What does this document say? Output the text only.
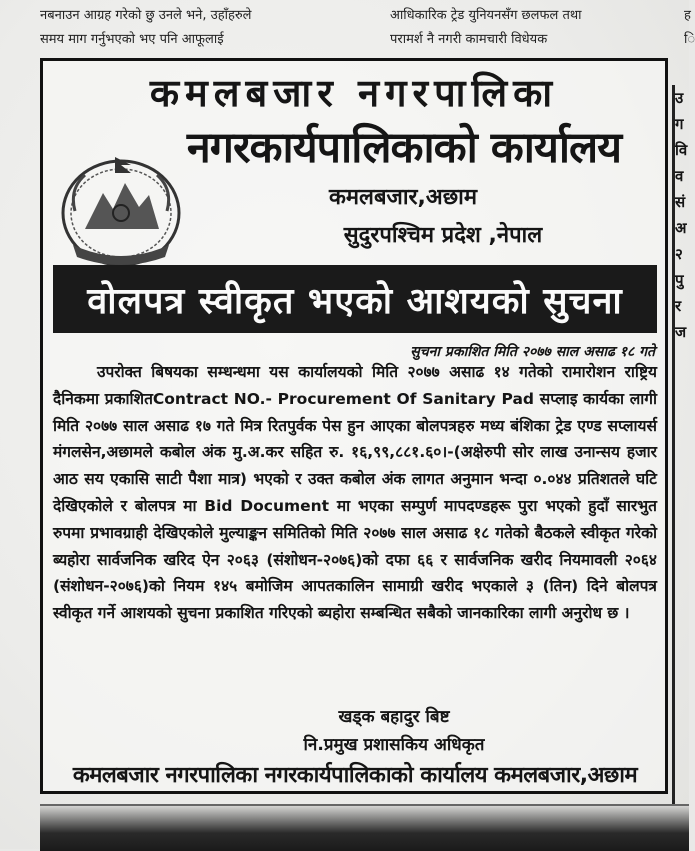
नबनाउन आग्रह गरेको छु उनले भने, उहाँहरुले
समय माग गर्नुभएको भए पनि आफूलाई
आधिकारिक ट्रेड युनियनसँग छलफल तथा
परामर्श नै नगरी कामचारी विधेयक
ह
ि
उ
ग
वि
व
सं
अ
२
पु
र
ज
कमलबजार नगरपालिका
नगरकार्यपालिकाको कार्यालय
कमलबजार,अछाम
सुदुरपश्चिम प्रदेश ,नेपाल
वोलपत्र स्वीकृत भएको आशयको सुचना
सुचना प्रकाशित मिति २०७७ साल असाढ १८ गते

उपरोक्त बिषयका सम्धन्धमा यस कार्यालयको मिति २०७७ असाढ १४ गतेको रामारोशन राष्ट्रिय दैनिकमा प्रकाशितContract NO.- Procurement Of Sanitary Pad सप्लाइ कार्यका लागी मिति २०७७ साल असाढ १७ गते मित्र रितपुर्वक पेस हुन आएका बोलपत्रहरु मध्य बंशिका ट्रेड एण्ड सप्लायर्स मंगलसेन,अछामले कबोल अंक मु.अ.कर सहित रु. १६,९९,८८१.६०।-(अक्षेरुपी सोर लाख उनान्सय हजार आठ सय एकासि साटी पैशा मात्र) भएको र उक्त कबोल अंक लागत अनुमान भन्दा ०.०४४ प्रतिशतले घटि देखिएकोले र बोलपत्र मा Bid Document मा भएका सम्पुर्ण मापदण्डहरू पुरा भएको हुदाँ सारभुत रुपमा प्रभावग्राही देखिएकोले मुल्याङ्कन समितिको मिति २०७७ साल असाढ १८ गतेको बैठकले स्वीकृत गरेको ब्यहोरा सार्वजनिक खरिद ऐन २०६३ (संशोधन-२०७६)को दफा ६६ र सार्वजनिक खरीद नियमावली २०६४ (संशोधन-२०७६)को नियम १४५ बमोजिम आपतकालिन सामाग्री खरीद भएकाले ३ (तिन) दिने बोलपत्र स्वीकृत गर्ने आशयको सुचना प्रकाशित गरिएको ब्यहोरा सम्बन्धित सबैको जानकारिका लागी अनुरोध छ ।

खड्क बहादुर बिष्ट
नि.प्रमुख प्रशासकिय अधिकृत
कमलबजार नगरपालिका नगरकार्यपालिकाको कार्यालय कमलबजार,अछाम
